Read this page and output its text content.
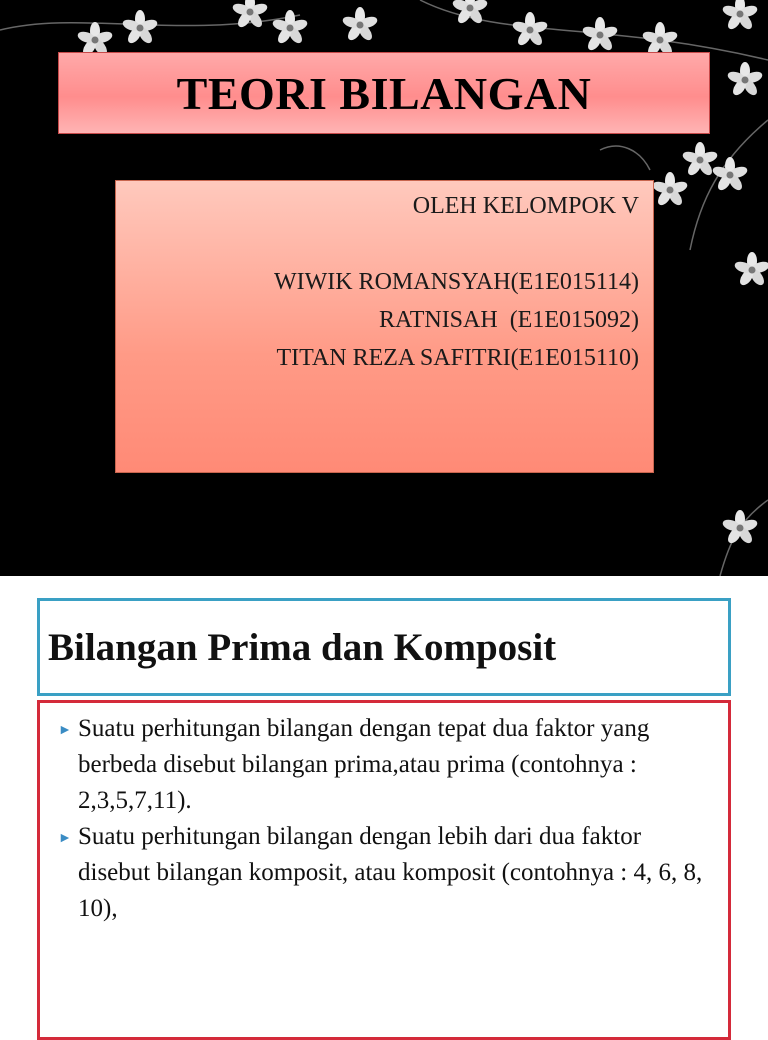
TEORI BILANGAN
OLEH KELOMPOK V

WIWIK ROMANSYAH(E1E015114)
RATNISAH  (E1E015092)
TITAN REZA SAFITRI(E1E015110)
Bilangan Prima dan Komposit
► Suatu perhitungan bilangan dengan tepat dua faktor yang berbeda disebut bilangan prima,atau prima (contohnya : 2,3,5,7,11).
► Suatu perhitungan bilangan dengan lebih dari dua faktor disebut bilangan komposit, atau komposit (contohnya : 4, 6, 8, 10),
